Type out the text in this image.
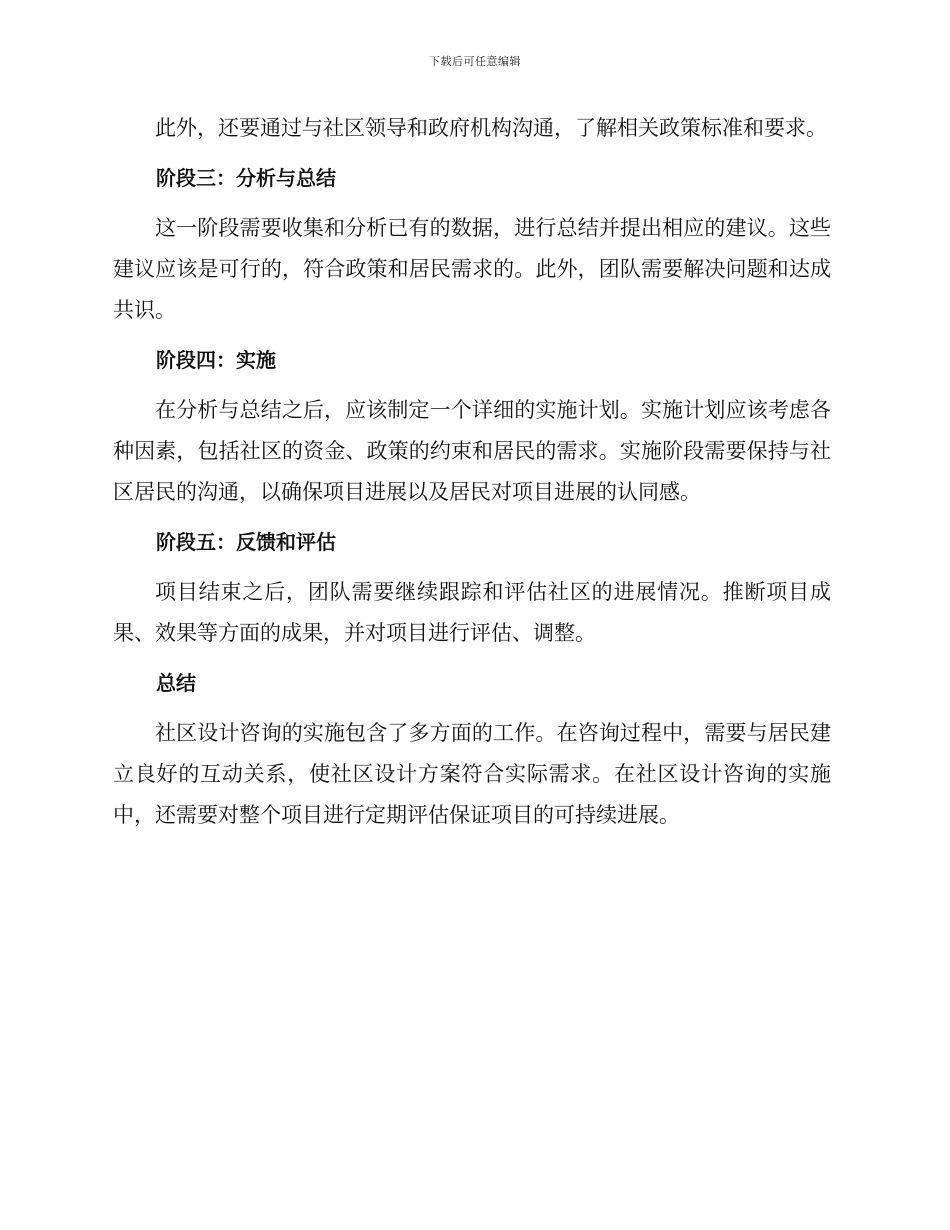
下载后可任意编辑

此外，还要通过与社区领导和政府机构沟通，了解相关政策标准和要求。

阶段三：分析与总结

这一阶段需要收集和分析已有的数据，进行总结并提出相应的建议。这些建议应该是可行的，符合政策和居民需求的。此外，团队需要解决问题和达成共识。

阶段四：实施

在分析与总结之后，应该制定一个详细的实施计划。实施计划应该考虑各种因素，包括社区的资金、政策的约束和居民的需求。实施阶段需要保持与社区居民的沟通，以确保项目进展以及居民对项目进展的认同感。

阶段五：反馈和评估

项目结束之后，团队需要继续跟踪和评估社区的进展情况。推断项目成果、效果等方面的成果，并对项目进行评估、调整。

总结

社区设计咨询的实施包含了多方面的工作。在咨询过程中，需要与居民建立良好的互动关系，使社区设计方案符合实际需求。在社区设计咨询的实施中，还需要对整个项目进行定期评估保证项目的可持续进展。
